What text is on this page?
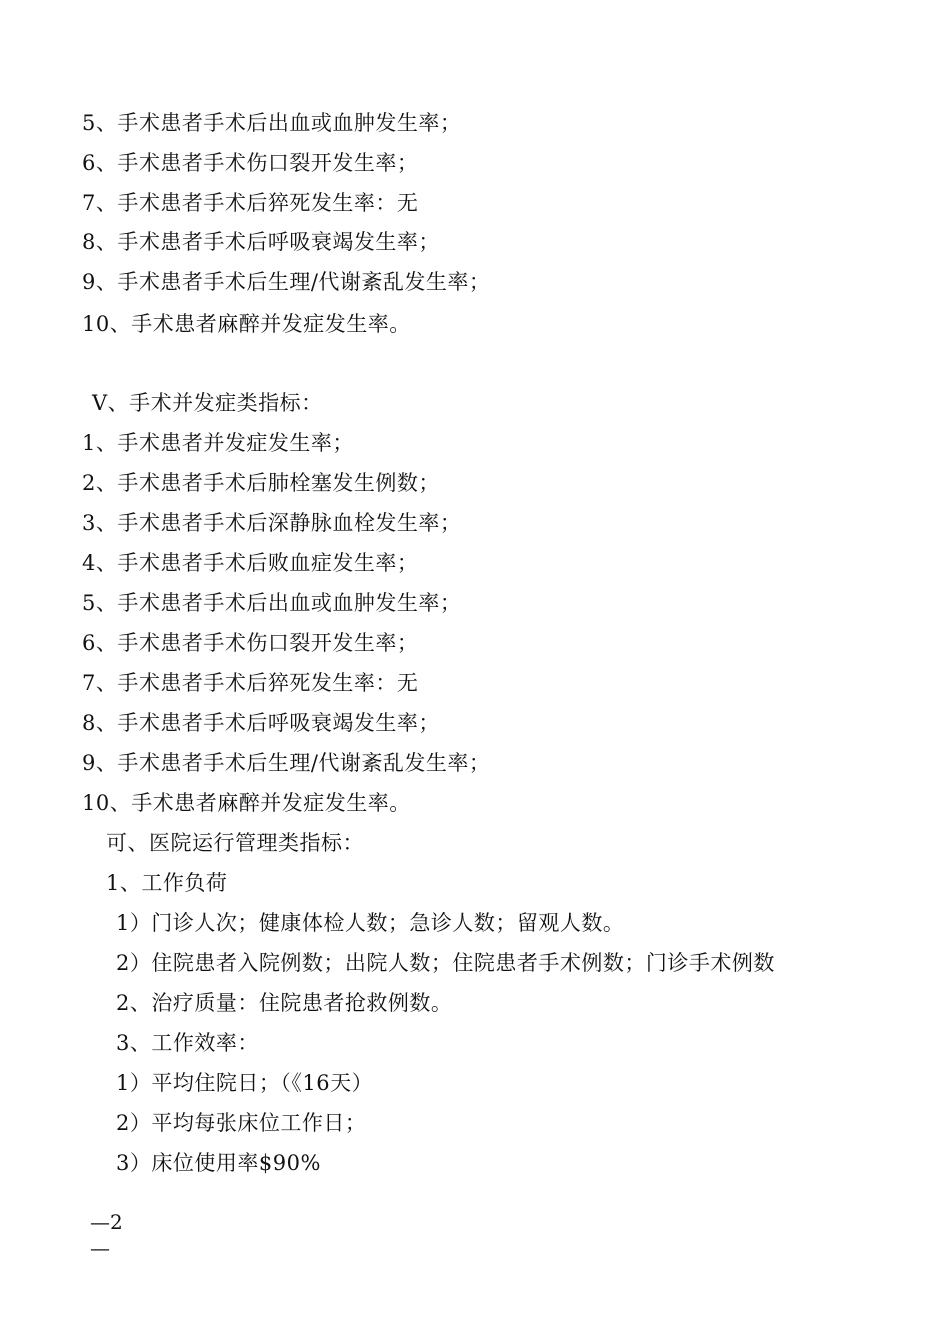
5、手术患者手术后出血或血肿发生率；
6、手术患者手术伤口裂开发生率；
7、手术患者手术后猝死发生率：无
8、手术患者手术后呼吸衰竭发生率；
9、手术患者手术后生理/代谢紊乱发生率；
10、手术患者麻醉并发症发生率。
V、手术并发症类指标：
1、手术患者并发症发生率；
2、手术患者手术后肺栓塞发生例数；
3、手术患者手术后深静脉血栓发生率；
4、手术患者手术后败血症发生率；
5、手术患者手术后出血或血肿发生率；
6、手术患者手术伤口裂开发生率；
7、手术患者手术后猝死发生率：无
8、手术患者手术后呼吸衰竭发生率；
9、手术患者手术后生理/代谢紊乱发生率；
10、手术患者麻醉并发症发生率。
可、医院运行管理类指标：
1、工作负荷
1）门诊人次；健康体检人数；急诊人数；留观人数。
2）住院患者入院例数；出院人数；住院患者手术例数；门诊手术例数
2、治疗质量：住院患者抢救例数。
3、工作效率：
1）平均住院日；（《16天）
2）平均每张床位工作日；
3）床位使用率$90%
—2
—
